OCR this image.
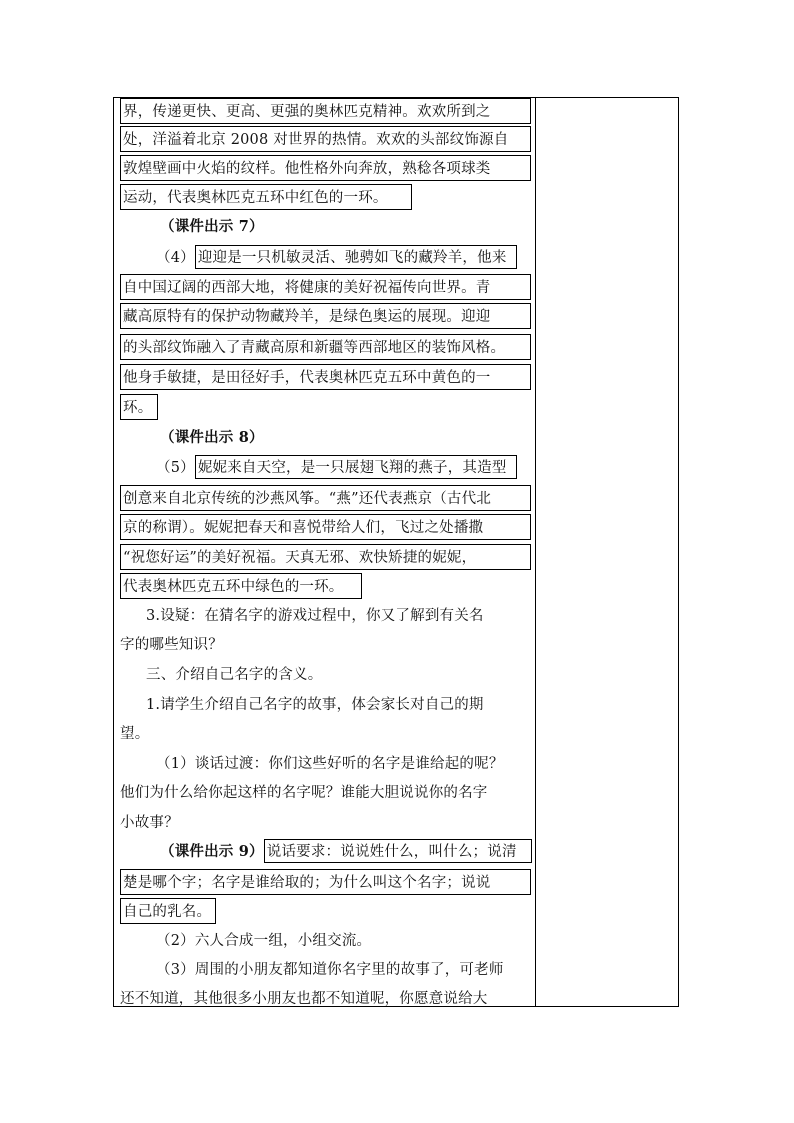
界，传递更快、更高、更强的奥林匹克精神。欢欢所到之
处，洋溢着北京 2008 对世界的热情。欢欢的头部纹饰源自
敦煌壁画中火焰的纹样。他性格外向奔放，熟稔各项球类
运动，代表奥林匹克五环中红色的一环。
（课件出示 7）
（4） 迎迎是一只机敏灵活、驰骋如飞的藏羚羊，他来
自中国辽阔的西部大地，将健康的美好祝福传向世界。青
藏高原特有的保护动物藏羚羊，是绿色奥运的展现。迎迎
的头部纹饰融入了青藏高原和新疆等西部地区的装饰风格。
他身手敏捷，是田径好手，代表奥林匹克五环中黄色的一
环。
（课件出示 8）
（5） 妮妮来自天空，是一只展翅飞翔的燕子，其造型
创意来自北京传统的沙燕风筝。“燕”还代表燕京（古代北
京的称谓）。妮妮把春天和喜悦带给人们，飞过之处播撒
“祝您好运”的美好祝福。天真无邪、欢快矫捷的妮妮，
代表奥林匹克五环中绿色的一环。
3.设疑：在猜名字的游戏过程中，你又了解到有关名
字的哪些知识？
三、介绍自己名字的含义。
1.请学生介绍自己名字的故事，体会家长对自己的期
望。
（1）谈话过渡：你们这些好听的名字是谁给起的呢？
他们为什么给你起这样的名字呢？谁能大胆说说你的名字
小故事？
（课件出示 9） 说话要求：说说姓什么，叫什么；说清
楚是哪个字；名字是谁给取的；为什么叫这个名字；说说
自己的乳名。
（2）六人合成一组，小组交流。
（3）周围的小朋友都知道你名字里的故事了，可老师
还不知道，其他很多小朋友也都不知道呢，你愿意说给大
